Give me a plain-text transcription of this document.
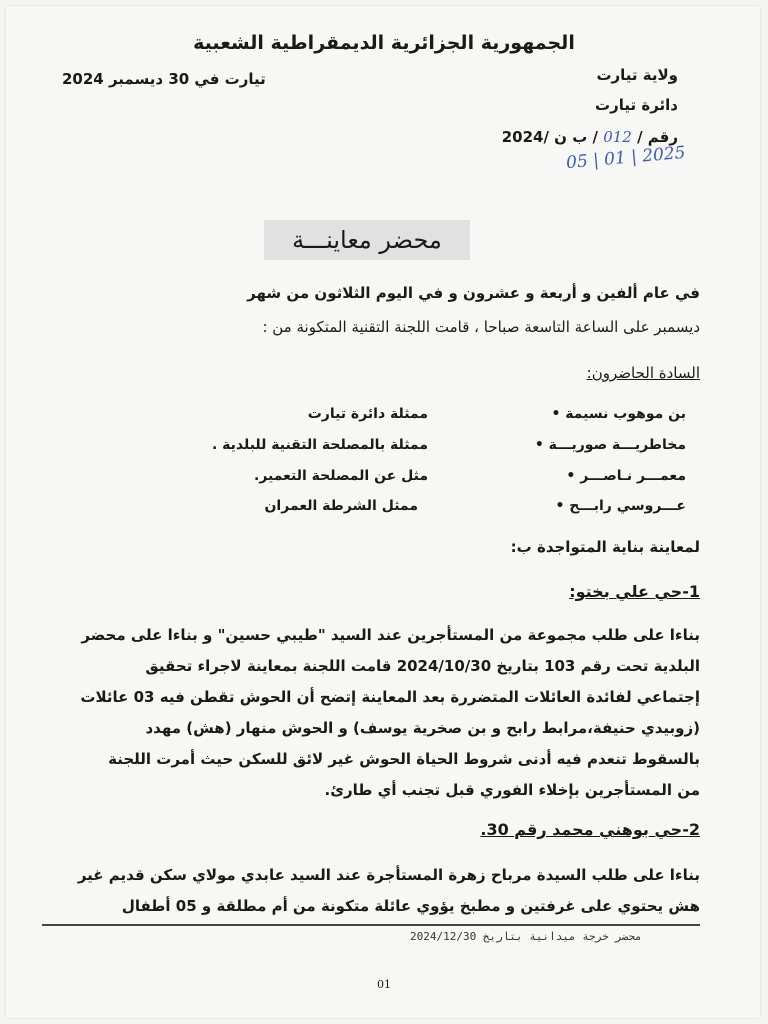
الجمهورية الجزائرية الديمقراطية الشعبية
تيارت في 30 ديسمبر 2024	ولاية تيارت
دائرة تيارت
رقم / 012 / ب ن /2024
05 | 01 | 2025
محضر معاينـــة
في عام ألفين و أربعة و عشرون و في اليوم الثلاثون من شهر
ديسمبر على الساعة التاسعة صباحا ، قامت اللجنة التقنية المتكونة من :
السادة الحاضرون:
بن موهوب نسيمة •
ممثلة دائرة تيارت
مخاطريـــة صوريـــة •
ممثلة بالمصلحة التقنية للبلدية .
معمـــر نـاصـــر •
مثل عن المصلحة التعمير.
عـــروسي رابـــح •
ممثل الشرطة العمران
لمعاينة بناية المتواجدة ب:
1-حي علي بختو:
بناءا على طلب مجموعة من المستأجرين عند السيد "طيبي حسين" و بناءا على محضر
البلدية تحت رقم 103 بتاريخ 2024/10/30 قامت اللجنة بمعاينة لاجراء تحقيق
إجتماعي لفائدة العائلات المتضررة بعد المعاينة إتضح أن الحوش تقطن فيه 03 عائلات
(زوبيدي حنيفة،مرابط رابح و بن صخرية يوسف) و الحوش منهار (هش) مهدد
بالسقوط تنعدم فيه أدنى شروط الحياة الحوش غير لائق للسكن حيث أمرت اللجنة
من المستأجرين بإخلاء الفوري قبل تجنب أي طارئ.
2-حي بوهني محمد رقم 30.
بناءا على طلب السيدة مرباح زهرة المستأجرة عند السيد عابدي مولاي سكن قديم غير
هش يحتوي على غرفتين و مطبخ يؤوي عائلة متكونة من أم مطلقة و 05 أطفال
محضر خرجة ميدانية بتاريخ 2024/12/30
01
